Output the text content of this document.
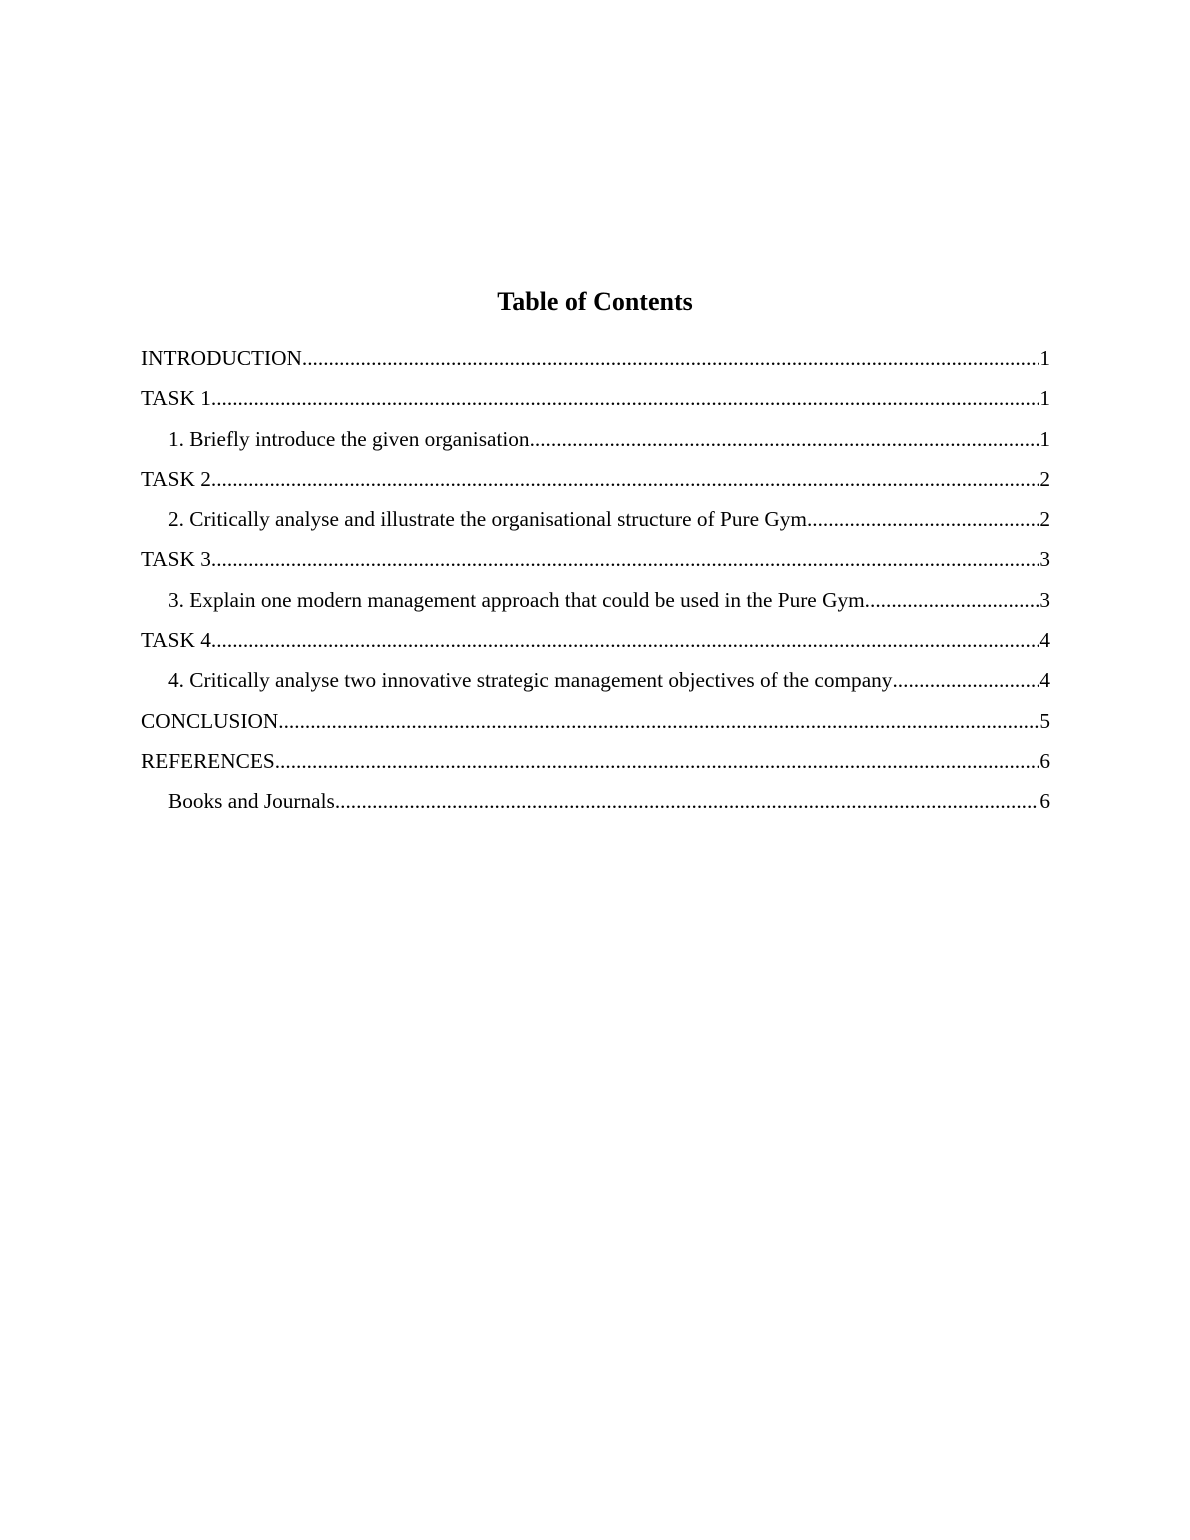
Table of Contents
INTRODUCTION .....	1
TASK 1 .....	1
1. Briefly introduce the given organisation .....	1
TASK 2 .....	2
2. Critically analyse and illustrate the organisational structure of Pure Gym .....	2
TASK 3 .....	3
3. Explain one modern management approach that could be used in the Pure Gym. .....	3
TASK 4 .....	4
4. Critically analyse two innovative strategic management objectives of the company .....	4
CONCLUSION .....	5
REFERENCES .....	6
Books and Journals .....	6
